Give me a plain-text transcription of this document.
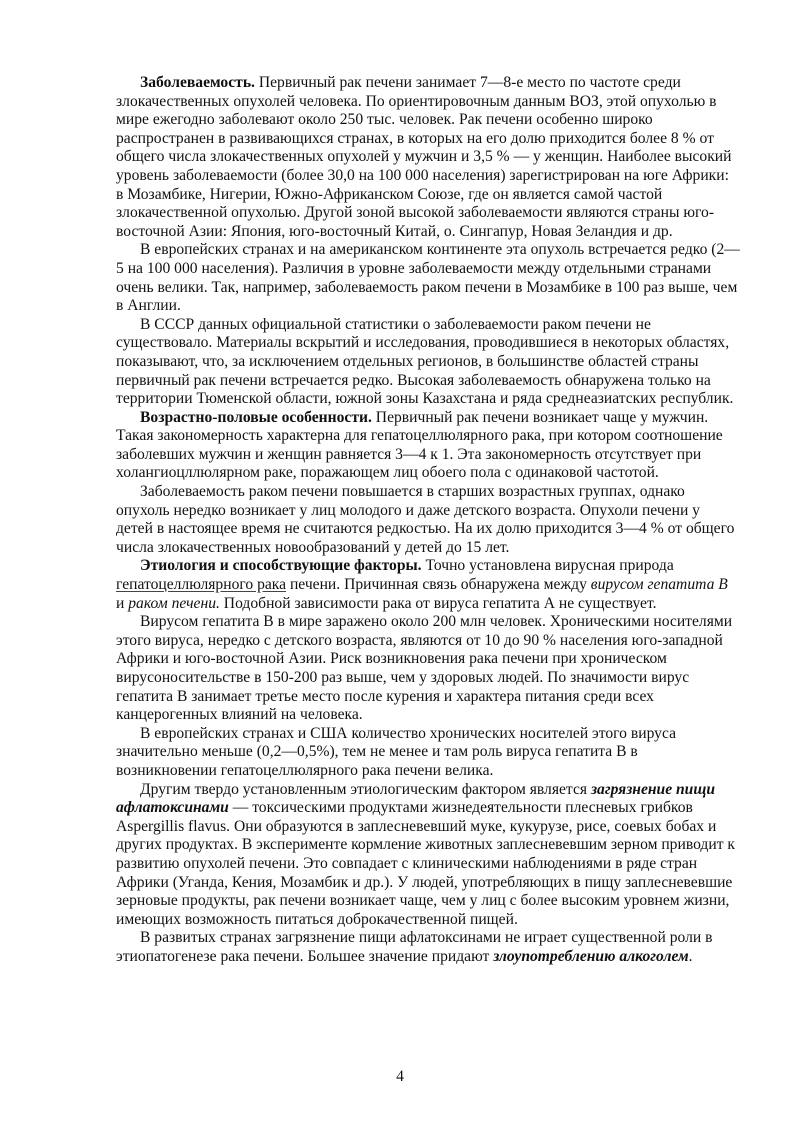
Заболеваемость. Первичный рак печени занимает 7—8-е место по частоте среди злокачественных опухолей человека. По ориентировочным данным ВОЗ, этой опухолью в мире ежегодно заболевают около 250 тыс. человек. Рак печени особенно широко распространен в развивающихся странах, в которых на его долю приходится более 8 % от общего числа злокачественных опухолей у мужчин и 3,5 % — у женщин. Наиболее высокий уровень заболеваемости (более 30,0 на 100 000 населения) зарегистрирован на юге Африки: в Мозамбике, Нигерии, Южно-Африканском Союзе, где он является самой частой злокачественной опухолью. Другой зоной высокой заболеваемости являются страны юго-восточной Азии: Япония, юго-восточный Китай, о. Сингапур, Новая Зеландия и др.

В европейских странах и на американском континенте эта опухоль встречается редко (2—5 на 100 000 населения). Различия в уровне заболеваемости между отдельными странами очень велики. Так, например, заболеваемость раком печени в Мозамбике в 100 раз выше, чем в Англии.

В СССР данных официальной статистики о заболеваемости раком печени не существовало. Материалы вскрытий и исследования, проводившиеся в некоторых областях, показывают, что, за исключением отдельных регионов, в большинстве областей страны первичный рак печени встречается редко. Высокая заболеваемость обнаружена только на территории Тюменской области, южной зоны Казахстана и ряда среднеазиатских республик.

Возрастно-половые особенности. Первичный рак печени возникает чаще у мужчин. Такая закономерность характерна для гепатоцеллюлярного рака, при котором соотношение заболевших мужчин и женщин равняется 3—4 к 1. Эта закономерность отсутствует при холангиоцллюлярном раке, поражающем лиц обоего пола с одинаковой частотой.

Заболеваемость раком печени повышается в старших возрастных группах, однако опухоль нередко возникает у лиц молодого и даже детского возраста. Опухоли печени у детей в настоящее время не считаются редкостью. На их долю приходится 3—4 % от общего числа злокачественных новообразований у детей до 15 лет.

Этиология и способствующие факторы. Точно установлена вирусная природа гепатоцеллюлярного рака печени. Причинная связь обнаружена между вирусом гепатита В и раком печени. Подобной зависимости рака от вируса гепатита А не существует.

Вирусом гепатита В в мире заражено около 200 млн человек. Хроническими носителями этого вируса, нередко с детского возраста, являются от 10 до 90 % населения юго-западной Африки и юго-восточной Азии. Риск возникновения рака печени при хроническом вирусоносительстве в 150-200 раз выше, чем у здоровых людей. По значимости вирус гепатита В занимает третье место после курения и характера питания среди всех канцерогенных влияний на человека.

В европейских странах и США количество хронических носителей этого вируса значительно меньше (0,2—0,5%), тем не менее и там роль вируса гепатита В в возникновении гепатоцеллюлярного рака печени велика.

Другим твердо установленным этиологическим фактором является загрязнение пищи афлатоксинами — токсическими продуктами жизнедеятельности плесневых грибков Aspergillis flavus. Они образуются в заплесневевший муке, кукурузе, рисе, соевых бобах и других продуктах. В эксперименте кормление животных заплесневевшим зерном приводит к развитию опухолей печени. Это совпадает с клиническими наблюдениями в ряде стран Африки (Уганда, Кения, Мозамбик и др.). У людей, употребляющих в пищу заплесневевшие зерновые продукты, рак печени возникает чаще, чем у лиц с более высоким уровнем жизни, имеющих возможность питаться доброкачественной пищей.

В развитых странах загрязнение пищи афлатоксинами не играет существенной роли в этиопатогенезе рака печени. Большее значение придают злоупотреблению алкоголем.

4
